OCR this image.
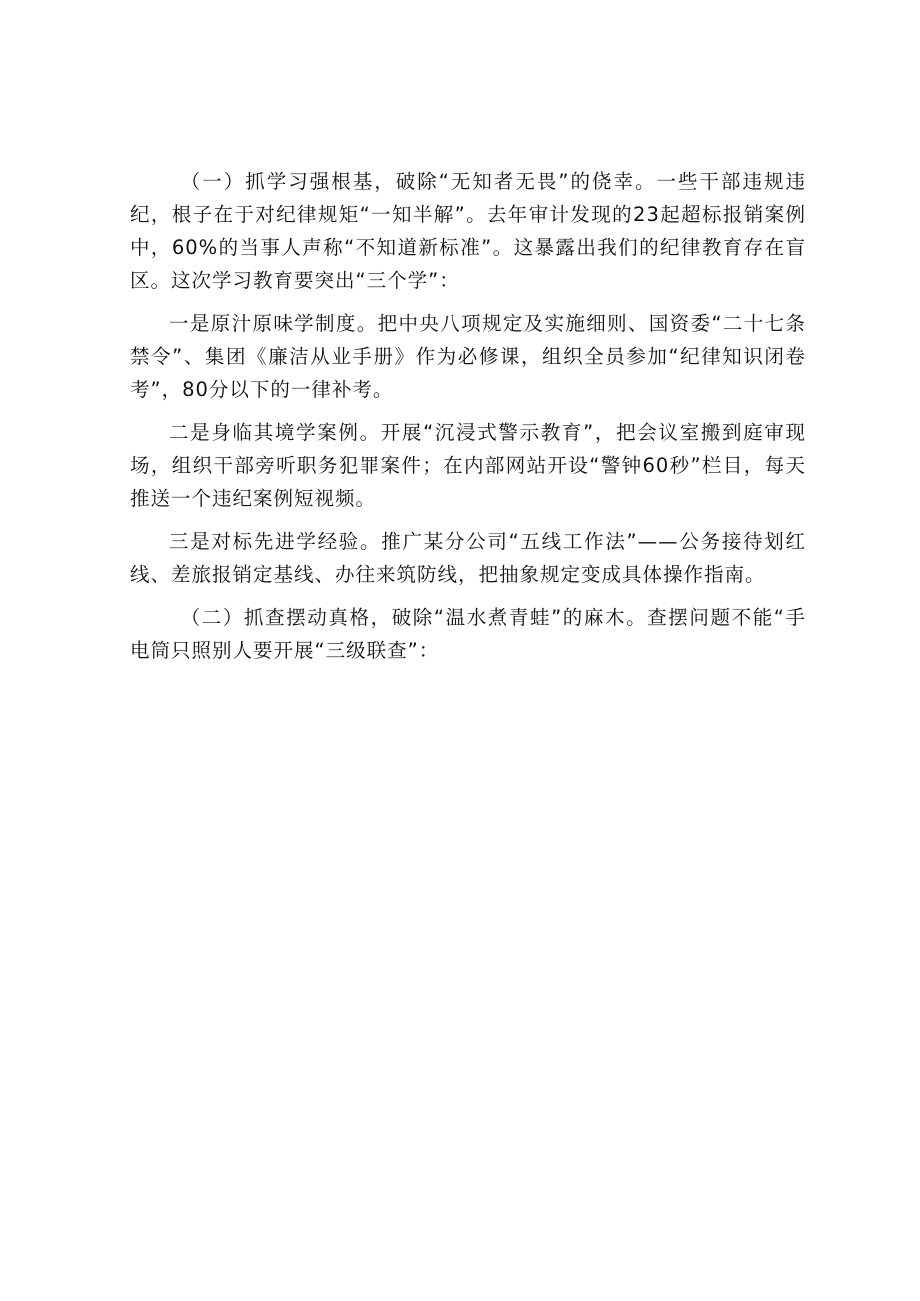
（一）抓学习强根基，破除“无知者无畏”的侥幸。一些干部违规违纪，根子在于对纪律规矩“一知半解”。去年审计发现的23起超标报销案例中，60%的当事人声称“不知道新标准”。这暴露出我们的纪律教育存在盲区。这次学习教育要突出“三个学”：

一是原汁原味学制度。把中央八项规定及实施细则、国资委“二十七条禁令”、集团《廉洁从业手册》作为必修课，组织全员参加“纪律知识闭卷考”，80分以下的一律补考。

二是身临其境学案例。开展“沉浸式警示教育”，把会议室搬到庭审现场，组织干部旁听职务犯罪案件；在内部网站开设“警钟60秒”栏目，每天推送一个违纪案例短视频。

三是对标先进学经验。推广某分公司“五线工作法”——公务接待划红线、差旅报销定基线、办往来筑防线，把抽象规定变成具体操作指南。

（二）抓查摆动真格，破除“温水煮青蛙”的麻木。查摆问题不能“手电筒只照别人要开展“三级联查”：
